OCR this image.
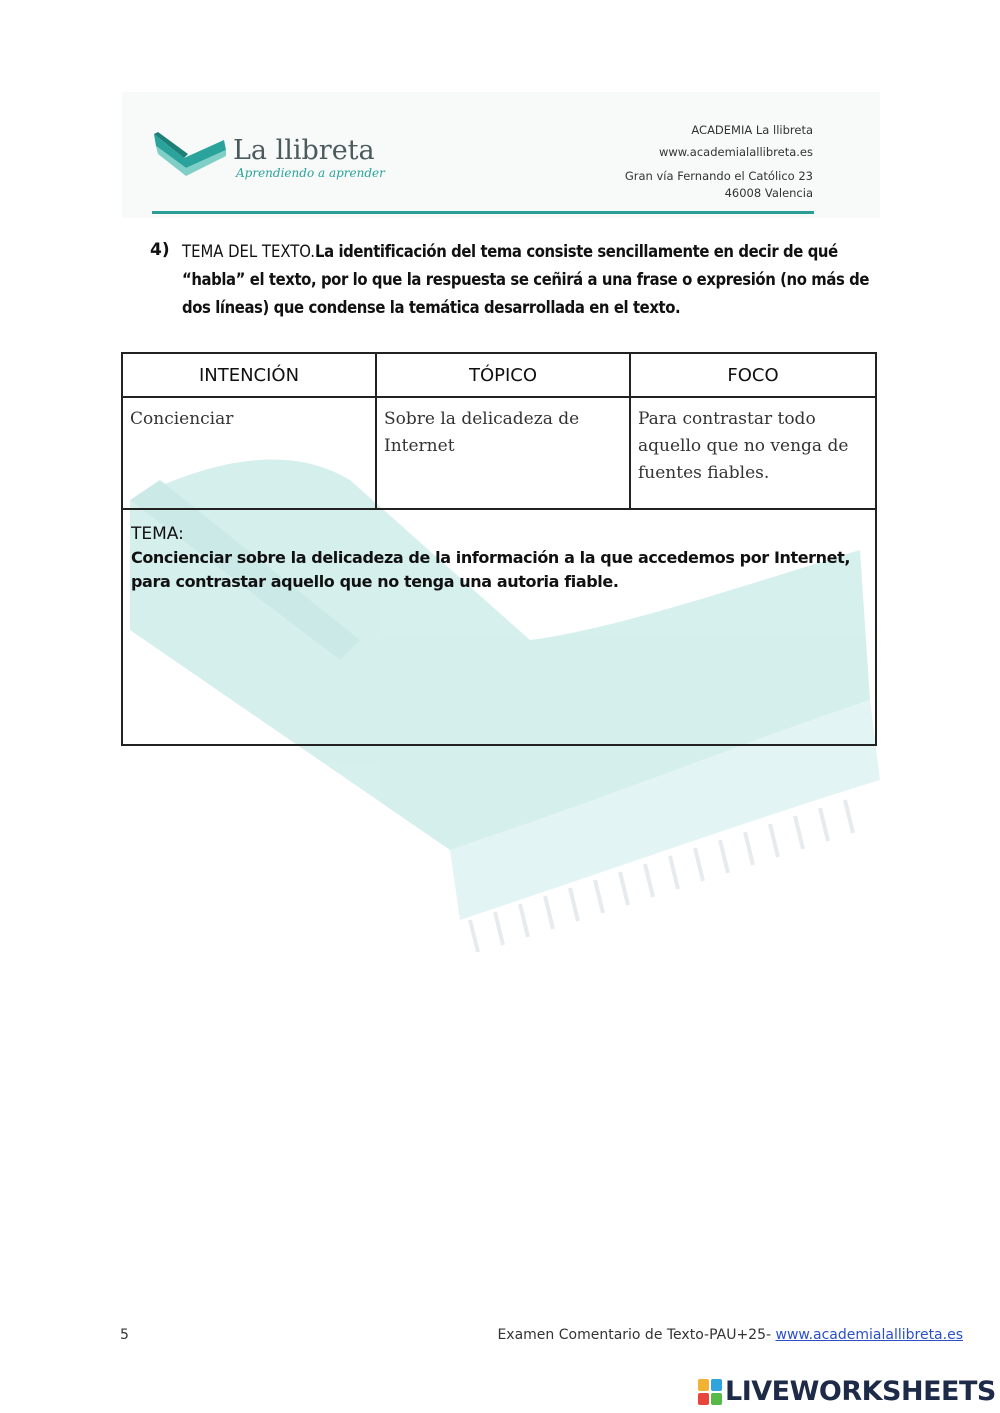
La llibreta
Aprendiendo a aprender
ACADEMIA La llibreta
www.academialallibreta.es
Gran vía Fernando el Católico 23
46008 Valencia
4) TEMA DEL TEXTO.La identificación del tema consiste sencillamente en decir de qué “habla” el texto, por lo que la respuesta se ceñirá a una frase o expresión (no más de dos líneas) que condense la temática desarrollada en el texto.
INTENCIÓN	TÓPICO	FOCO
Concienciar	Sobre la delicadeza de Internet	Para contrastar todo aquello que no venga de fuentes fiables.

TEMA:
Concienciar sobre la delicadeza de la información a la que accedemos por Internet, para contrastar aquello que no tenga una autoria fiable.		
5	Examen Comentario de Texto-PAU+25- www.academialallibreta.es
LIVEWORKSHEETS
